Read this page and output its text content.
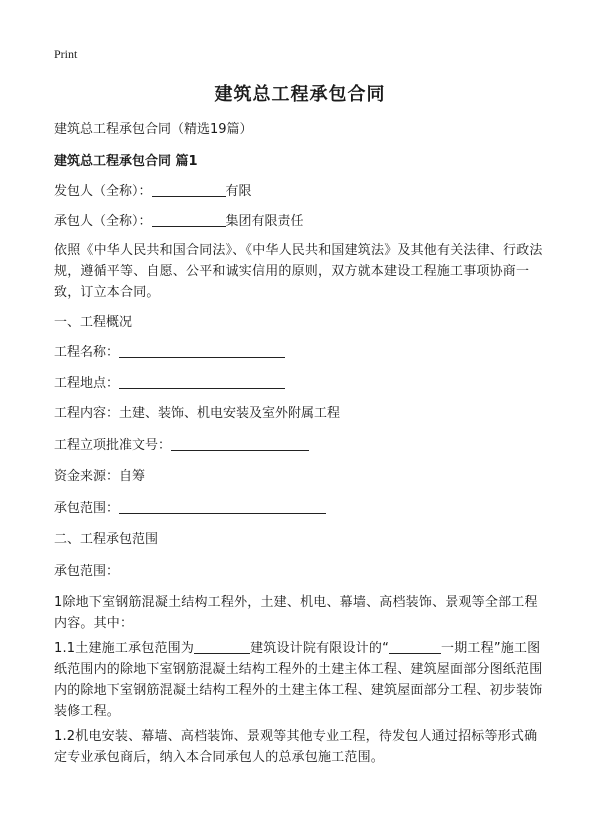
Print
建筑总工程承包合同
建筑总工程承包合同（精选19篇）
建筑总工程承包合同 篇1
发包人（全称）：	有限
承包人（全称）：	集团有限责任
依照《中华人民共和国合同法》、《中华人民共和国建筑法》及其他有关法律、行政法规，遵循平等、自愿、公平和诚实信用的原则，双方就本建设工程施工事项协商一致，订立本合同。
一、工程概况
工程名称：
工程地点：
工程内容：土建、装饰、机电安装及室外附属工程
工程立项批准文号：
资金来源：自筹
承包范围：
二、工程承包范围
承包范围：
1除地下室钢筋混凝土结构工程外，土建、机电、幕墙、高档装饰、景观等全部工程内容。其中：
1.1土建施工承包范围为	建筑设计院有限设计的“	一期工程”施工图纸范围内的除地下室钢筋混凝土结构工程外的土建主体工程、建筑屋面部分图纸范围内的除地下室钢筋混凝土结构工程外的土建主体工程、建筑屋面部分工程、初步装饰装修工程。
1.2机电安装、幕墙、高档装饰、景观等其他专业工程，待发包人通过招标等形式确定专业承包商后，纳入本合同承包人的总承包施工范围。
